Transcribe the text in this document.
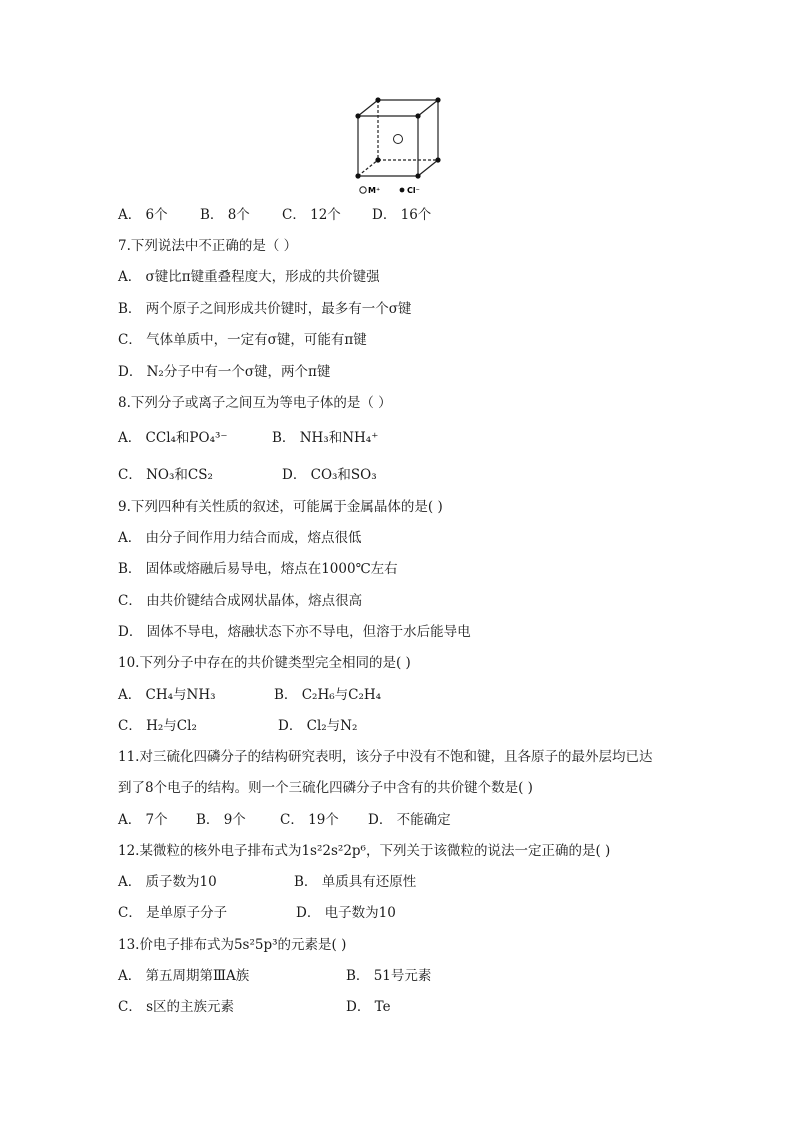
M⁺	Cl⁻
A． 6个 B． 8个 C． 12个 D． 16个
7.下列说法中不正确的是（ ）
A． σ键比π键重叠程度大，形成的共价键强
B． 两个原子之间形成共价键时，最多有一个σ键
C． 气体单质中，一定有σ键，可能有π键
D． N₂分子中有一个σ键，两个π键
8.下列分子或离子之间互为等电子体的是（ ）
A． CCl₄和PO₄³⁻	B． NH₃和NH₄⁺
C． NO₃和CS₂	D． CO₃和SO₃
9.下列四种有关性质的叙述，可能属于金属晶体的是( )
A． 由分子间作用力结合而成，熔点很低
B． 固体或熔融后易导电，熔点在1000℃左右
C． 由共价键结合成网状晶体，熔点很高
D． 固体不导电，熔融状态下亦不导电，但溶于水后能导电
10.下列分子中存在的共价键类型完全相同的是( )
A． CH₄与NH₃	B． C₂H₆与C₂H₄
C． H₂与Cl₂	D． Cl₂与N₂
11.对三硫化四磷分子的结构研究表明，该分子中没有不饱和键，且各原子的最外层均已达
到了8个电子的结构。则一个三硫化四磷分子中含有的共价键个数是( )
A． 7个 B． 9个	C． 19个 D． 不能确定
12.某微粒的核外电子排布式为1s²2s²2p⁶，下列关于该微粒的说法一定正确的是( )
A． 质子数为10	B． 单质具有还原性
C． 是单原子分子	D． 电子数为10
13.价电子排布式为5s²5p³的元素是( )
A． 第五周期第ⅢA族	B． 51号元素
C． s区的主族元素	D． Te
